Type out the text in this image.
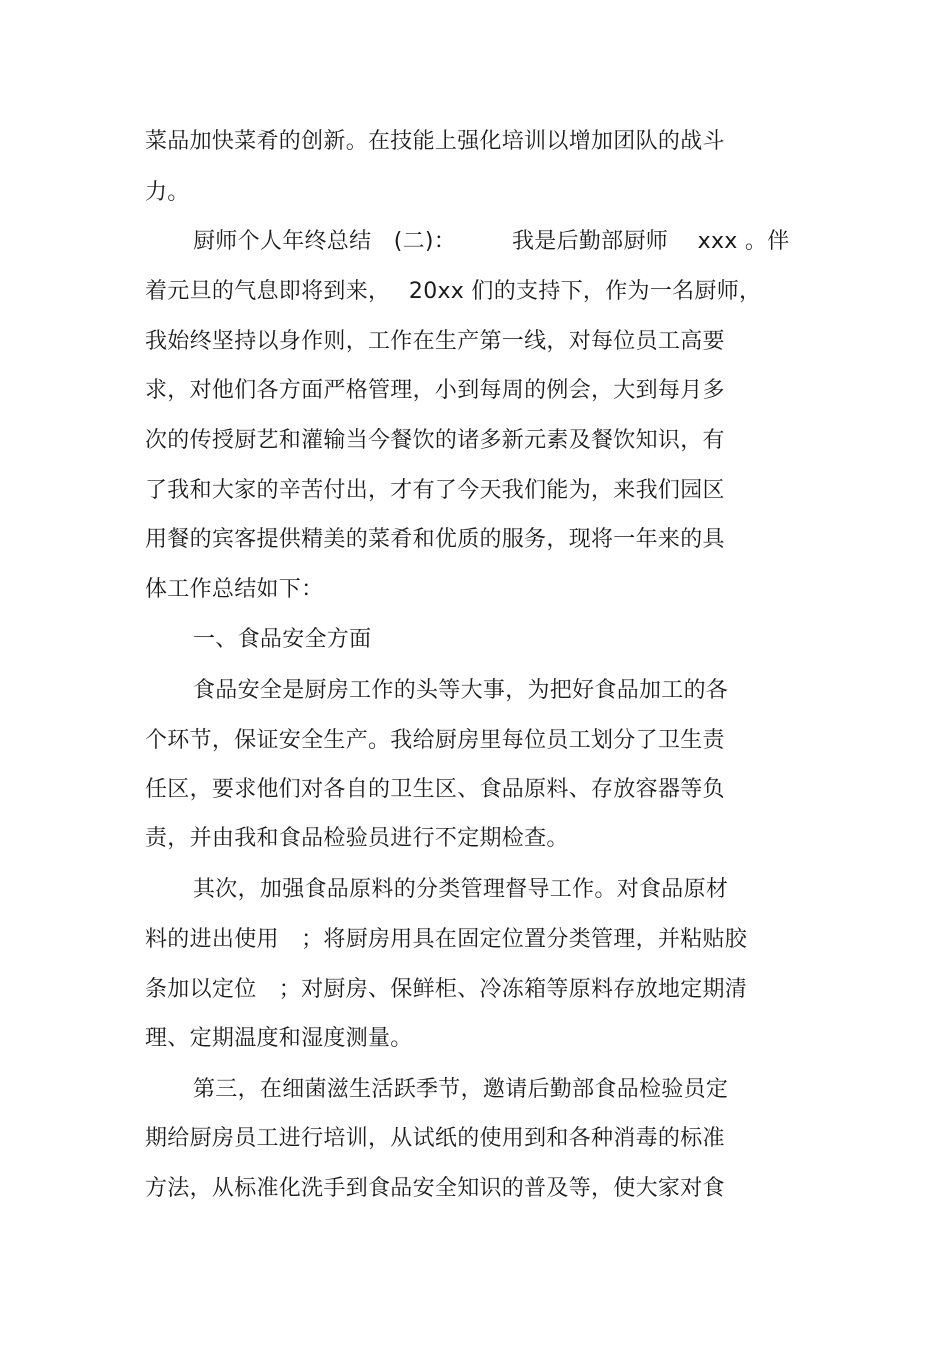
菜品加快菜肴的创新。在技能上强化培训以增加团队的战斗
力。
厨师个人年终总结　(二)：　　　我是后勤部厨师　 xxx 。伴
着元旦的气息即将到来，　 20xx 们的支持下，作为一名厨师，
我始终坚持以身作则，工作在生产第一线，对每位员工高要
求，对他们各方面严格管理，小到每周的例会，大到每月多
次的传授厨艺和灌输当今餐饮的诸多新元素及餐饮知识，有
了我和大家的辛苦付出，才有了今天我们能为，来我们园区
用餐的宾客提供精美的菜肴和优质的服务，现将一年来的具
体工作总结如下：
一、食品安全方面
食品安全是厨房工作的头等大事，为把好食品加工的各
个环节，保证安全生产。我给厨房里每位员工划分了卫生责
任区，要求他们对各自的卫生区、食品原料、存放容器等负
责，并由我和食品检验员进行不定期检查。
其次，加强食品原料的分类管理督导工作。对食品原材
料的进出使用　；将厨房用具在固定位置分类管理，并粘贴胶
条加以定位　；对厨房、保鲜柜、冷冻箱等原料存放地定期清
理、定期温度和湿度测量。
第三，在细菌滋生活跃季节，邀请后勤部食品检验员定
期给厨房员工进行培训，从试纸的使用到和各种消毒的标准
方法，从标准化洗手到食品安全知识的普及等，使大家对食
